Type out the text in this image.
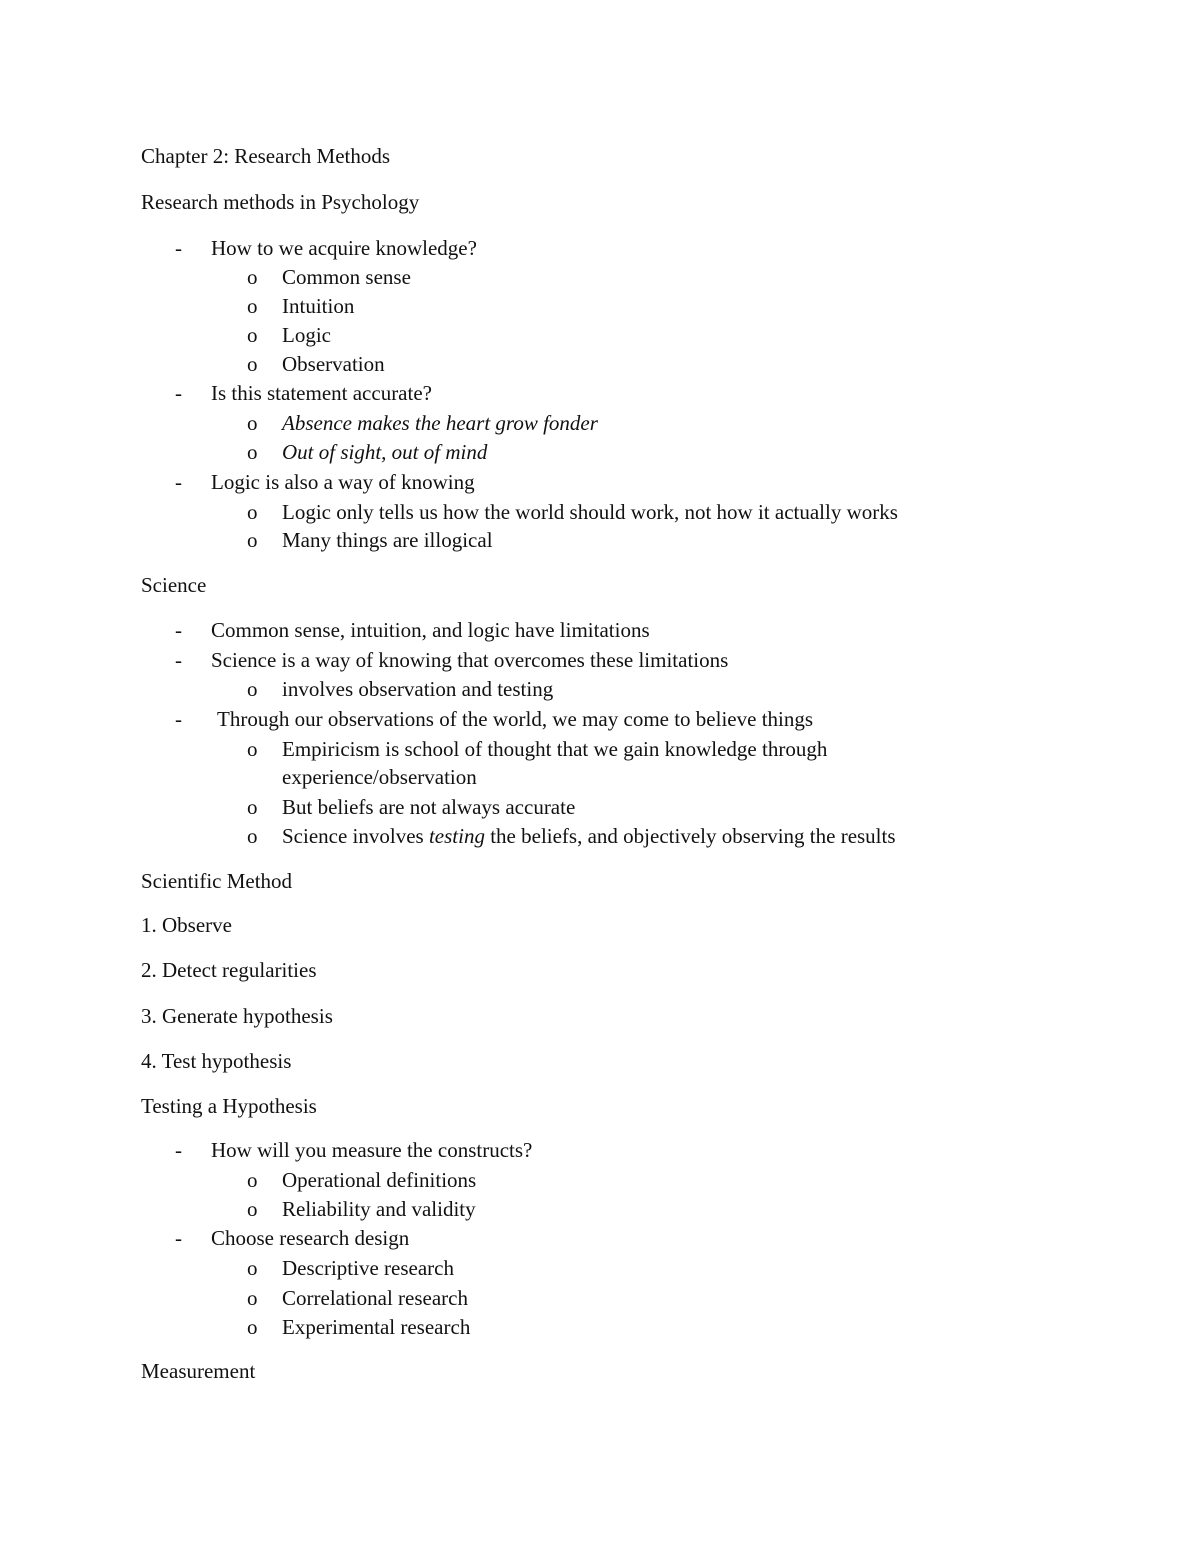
Chapter 2: Research Methods
Research methods in Psychology
- How to we acquire knowledge?
o Common sense
o Intuition
o Logic
o Observation
- Is this statement accurate?
o Absence makes the heart grow fonder
o Out of sight, out of mind
- Logic is also a way of knowing
o Logic only tells us how the world should work, not how it actually works
o Many things are illogical
Science
- Common sense, intuition, and logic have limitations
- Science is a way of knowing that overcomes these limitations
o involves observation and testing
- Through our observations of the world, we may come to believe things
o Empiricism is school of thought that we gain knowledge through
experience/observation
o But beliefs are not always accurate
o Science involves testing the beliefs, and objectively observing the results
Scientific Method
1. Observe
2. Detect regularities
3. Generate hypothesis
4. Test hypothesis
Testing a Hypothesis
- How will you measure the constructs?
o Operational definitions
o Reliability and validity
- Choose research design
o Descriptive research
o Correlational research
o Experimental research
Measurement
